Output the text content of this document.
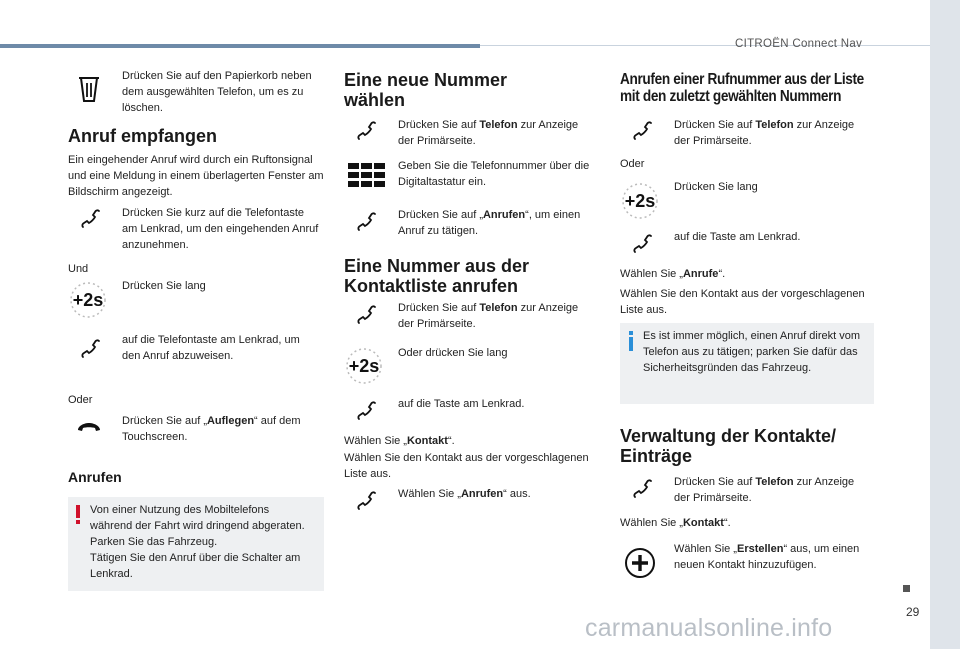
CITROËN Connect Nav
29
carmanualsonline.info
Drücken Sie auf den Papierkorb neben dem ausgewählten Telefon, um es zu löschen.
Anruf empfangen
Ein eingehender Anruf wird durch ein Ruftonsignal und eine Meldung in einem überlagerten Fenster am Bildschirm angezeigt.
Drücken Sie kurz auf die Telefontaste am Lenkrad, um den eingehenden Anruf anzunehmen.
Und
Drücken Sie lang
+2s
auf die Telefontaste am Lenkrad, um den Anruf abzuweisen.
Oder
Drücken Sie auf „Auflegen“ auf dem Touchscreen.
Anrufen
Von einer Nutzung des Mobiltelefons
während der Fahrt wird dringend abgeraten.
Parken Sie das Fahrzeug.
Tätigen Sie den Anruf über die Schalter am
Lenkrad.
Eine neue Nummer
wählen
Drücken Sie auf Telefon zur Anzeige der Primärseite.
Geben Sie die Telefonnummer über die Digitaltastatur ein.
Drücken Sie auf „Anrufen“, um einen Anruf zu tätigen.
Eine Nummer aus der
Kontaktliste anrufen
Drücken Sie auf Telefon zur Anzeige der Primärseite.
Oder drücken Sie lang
+2s
auf die Taste am Lenkrad.
Wählen Sie „Kontakt“.
Wählen Sie den Kontakt aus der vorgeschlagenen Liste aus.
Wählen Sie „Anrufen“ aus.
Anrufen einer Rufnummer aus der Liste
mit den zuletzt gewählten Nummern
Drücken Sie auf Telefon zur Anzeige der Primärseite.
Oder
Drücken Sie lang
+2s
auf die Taste am Lenkrad.
Wählen Sie „Anrufe“.
Wählen Sie den Kontakt aus der vorgeschlagenen Liste aus.
Es ist immer möglich, einen Anruf direkt vom
Telefon aus zu tätigen; parken Sie dafür das
Sicherheitsgründen das Fahrzeug.
Verwaltung der Kontakte/
Einträge
Drücken Sie auf Telefon zur Anzeige der Primärseite.
Wählen Sie „Kontakt“.
Wählen Sie „Erstellen“ aus, um einen neuen Kontakt hinzuzufügen.
